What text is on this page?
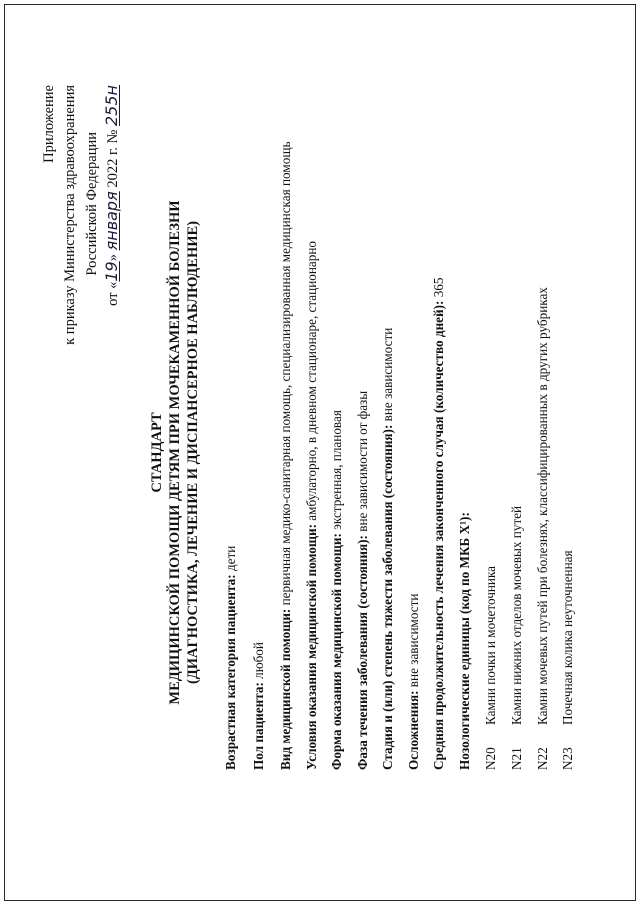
Приложение к приказу Министерства здравоохранения Российской Федерации
от «19» января 2022 г. № 255н
СТАНДАРТ МЕДИЦИНСКОЙ ПОМОЩИ ДЕТЯМ ПРИ МОЧЕКАМЕННОЙ БОЛЕЗНИ (ДИАГНОСТИКА, ЛЕЧЕНИЕ И ДИСПАНСЕРНОЕ НАБЛЮДЕНИЕ) Возрастная категория пациента: дети
Пол пациента: любой Вид медицинской помощи: первичная медико-санитарная помощь, специализированная медицинская помощь
Условия оказания медицинской помощи: амбулаторно, в дневном стационаре, стационарно
Форма оказания медицинской помощи: экстренная, плановая
Фаза течения заболевания (состояния): вне зависимости от фазы Стадия и (или) степень тяжести заболевания (состояния): вне зависимости
Осложнения: вне зависимости Средняя продолжительность лечения законченного случая (количество дней): 365
Нозологические единицы (код по МКБ X¹): N20
Камни почки и мочеточника
N21
Камни нижних отделов мочевых путей
N22
Камни мочевых путей при болезнях, классифицированных в других рубриках
N23
Почечная колика неуточненная
